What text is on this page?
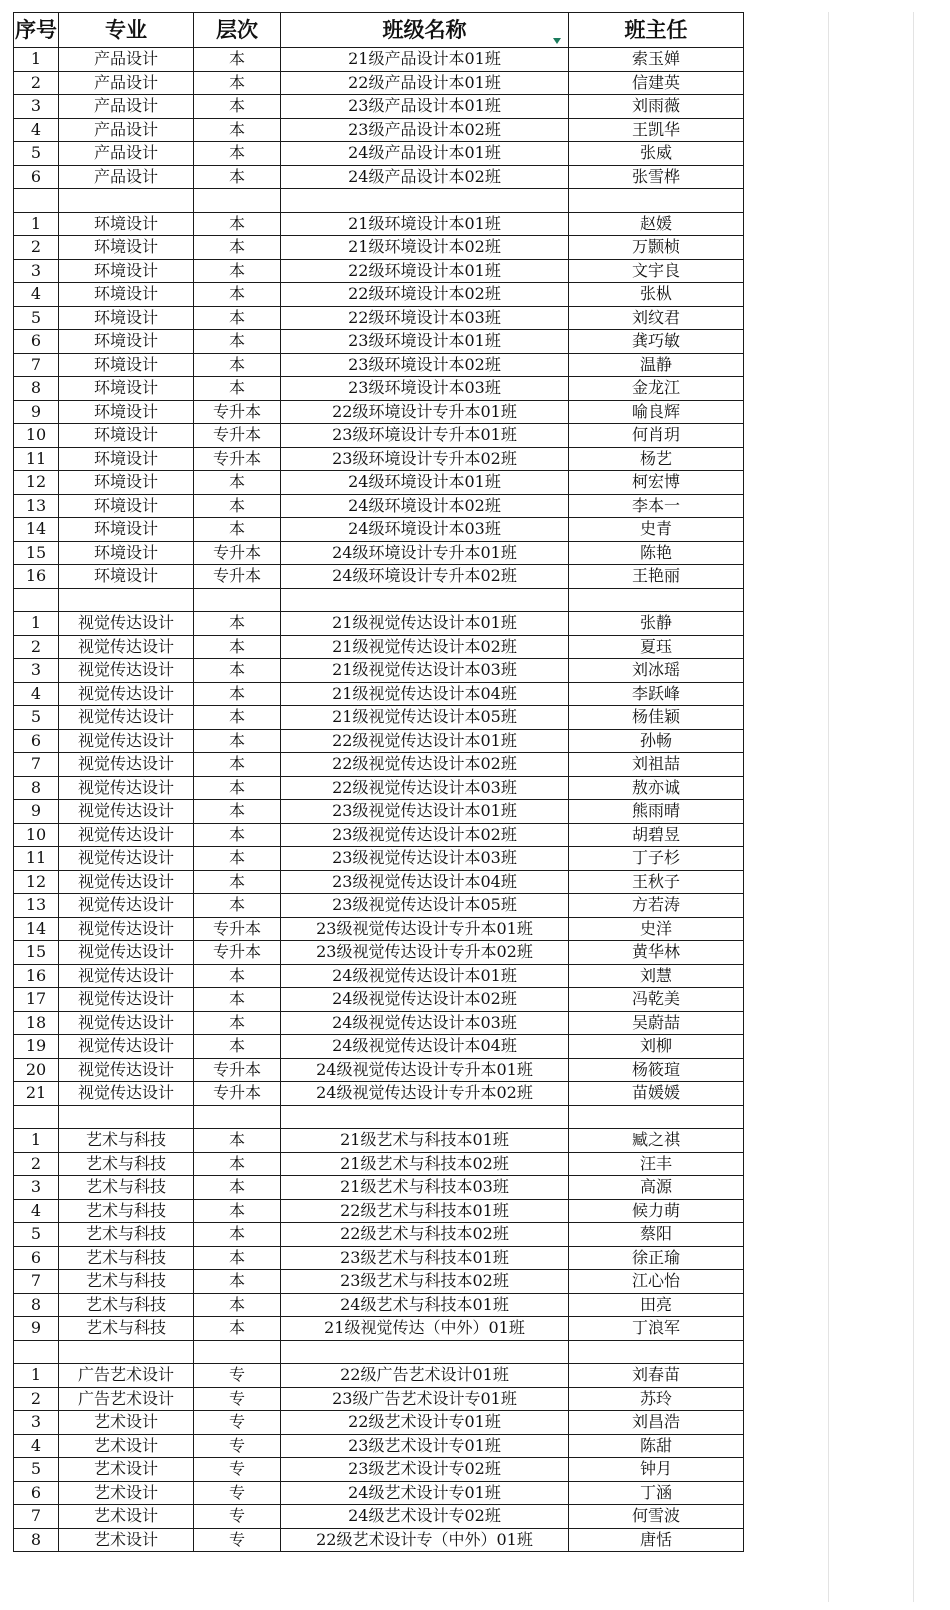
序号	专业	层次	班级名称	班主任
1	产品设计	本	21级产品设计本01班	索玉婵
2	产品设计	本	22级产品设计本01班	信建英
3	产品设计	本	23级产品设计本01班	刘雨薇
4	产品设计	本	23级产品设计本02班	王凯华
5	产品设计	本	24级产品设计本01班	张威
6	产品设计	本	24级产品设计本02班	张雪桦

1	环境设计	本	21级环境设计本01班	赵媛
2	环境设计	本	21级环境设计本02班	万颢桢
3	环境设计	本	22级环境设计本01班	文宇良
4	环境设计	本	22级环境设计本02班	张枞
5	环境设计	本	22级环境设计本03班	刘纹君
6	环境设计	本	23级环境设计本01班	龚巧敏
7	环境设计	本	23级环境设计本02班	温静
8	环境设计	本	23级环境设计本03班	金龙江
9	环境设计	专升本	22级环境设计专升本01班	喻良辉
10	环境设计	专升本	23级环境设计专升本01班	何肖玥
11	环境设计	专升本	23级环境设计专升本02班	杨艺
12	环境设计	本	24级环境设计本01班	柯宏博
13	环境设计	本	24级环境设计本02班	李本一
14	环境设计	本	24级环境设计本03班	史青
15	环境设计	专升本	24级环境设计专升本01班	陈艳
16	环境设计	专升本	24级环境设计专升本02班	王艳丽

1	视觉传达设计	本	21级视觉传达设计本01班	张静
2	视觉传达设计	本	21级视觉传达设计本02班	夏珏
3	视觉传达设计	本	21级视觉传达设计本03班	刘冰瑶
4	视觉传达设计	本	21级视觉传达设计本04班	李跃峰
5	视觉传达设计	本	21级视觉传达设计本05班	杨佳颖
6	视觉传达设计	本	22级视觉传达设计本01班	孙畅
7	视觉传达设计	本	22级视觉传达设计本02班	刘祖喆
8	视觉传达设计	本	22级视觉传达设计本03班	敖亦诚
9	视觉传达设计	本	23级视觉传达设计本01班	熊雨晴
10	视觉传达设计	本	23级视觉传达设计本02班	胡碧昱
11	视觉传达设计	本	23级视觉传达设计本03班	丁子杉
12	视觉传达设计	本	23级视觉传达设计本04班	王秋子
13	视觉传达设计	本	23级视觉传达设计本05班	方若涛
14	视觉传达设计	专升本	23级视觉传达设计专升本01班	史洋
15	视觉传达设计	专升本	23级视觉传达设计专升本02班	黄华林
16	视觉传达设计	本	24级视觉传达设计本01班	刘慧
17	视觉传达设计	本	24级视觉传达设计本02班	冯乾美
18	视觉传达设计	本	24级视觉传达设计本03班	吴蔚喆
19	视觉传达设计	本	24级视觉传达设计本04班	刘柳
20	视觉传达设计	专升本	24级视觉传达设计专升本01班	杨筱瑄
21	视觉传达设计	专升本	24级视觉传达设计专升本02班	苗媛媛

1	艺术与科技	本	21级艺术与科技本01班	臧之祺
2	艺术与科技	本	21级艺术与科技本02班	汪丰
3	艺术与科技	本	21级艺术与科技本03班	高源
4	艺术与科技	本	22级艺术与科技本01班	候力萌
5	艺术与科技	本	22级艺术与科技本02班	蔡阳
6	艺术与科技	本	23级艺术与科技本01班	徐正瑜
7	艺术与科技	本	23级艺术与科技本02班	江心怡
8	艺术与科技	本	24级艺术与科技本01班	田亮
9	艺术与科技	本	21级视觉传达（中外）01班	丁浪军

1	广告艺术设计	专	22级广告艺术设计01班	刘春苗
2	广告艺术设计	专	23级广告艺术设计专01班	苏玲
3	艺术设计	专	22级艺术设计专01班	刘昌浩
4	艺术设计	专	23级艺术设计专01班	陈甜
5	艺术设计	专	23级艺术设计专02班	钟月
6	艺术设计	专	24级艺术设计专01班	丁涵
7	艺术设计	专	24级艺术设计专02班	何雪波
8	艺术设计	专	22级艺术设计专（中外）01班	唐恬
